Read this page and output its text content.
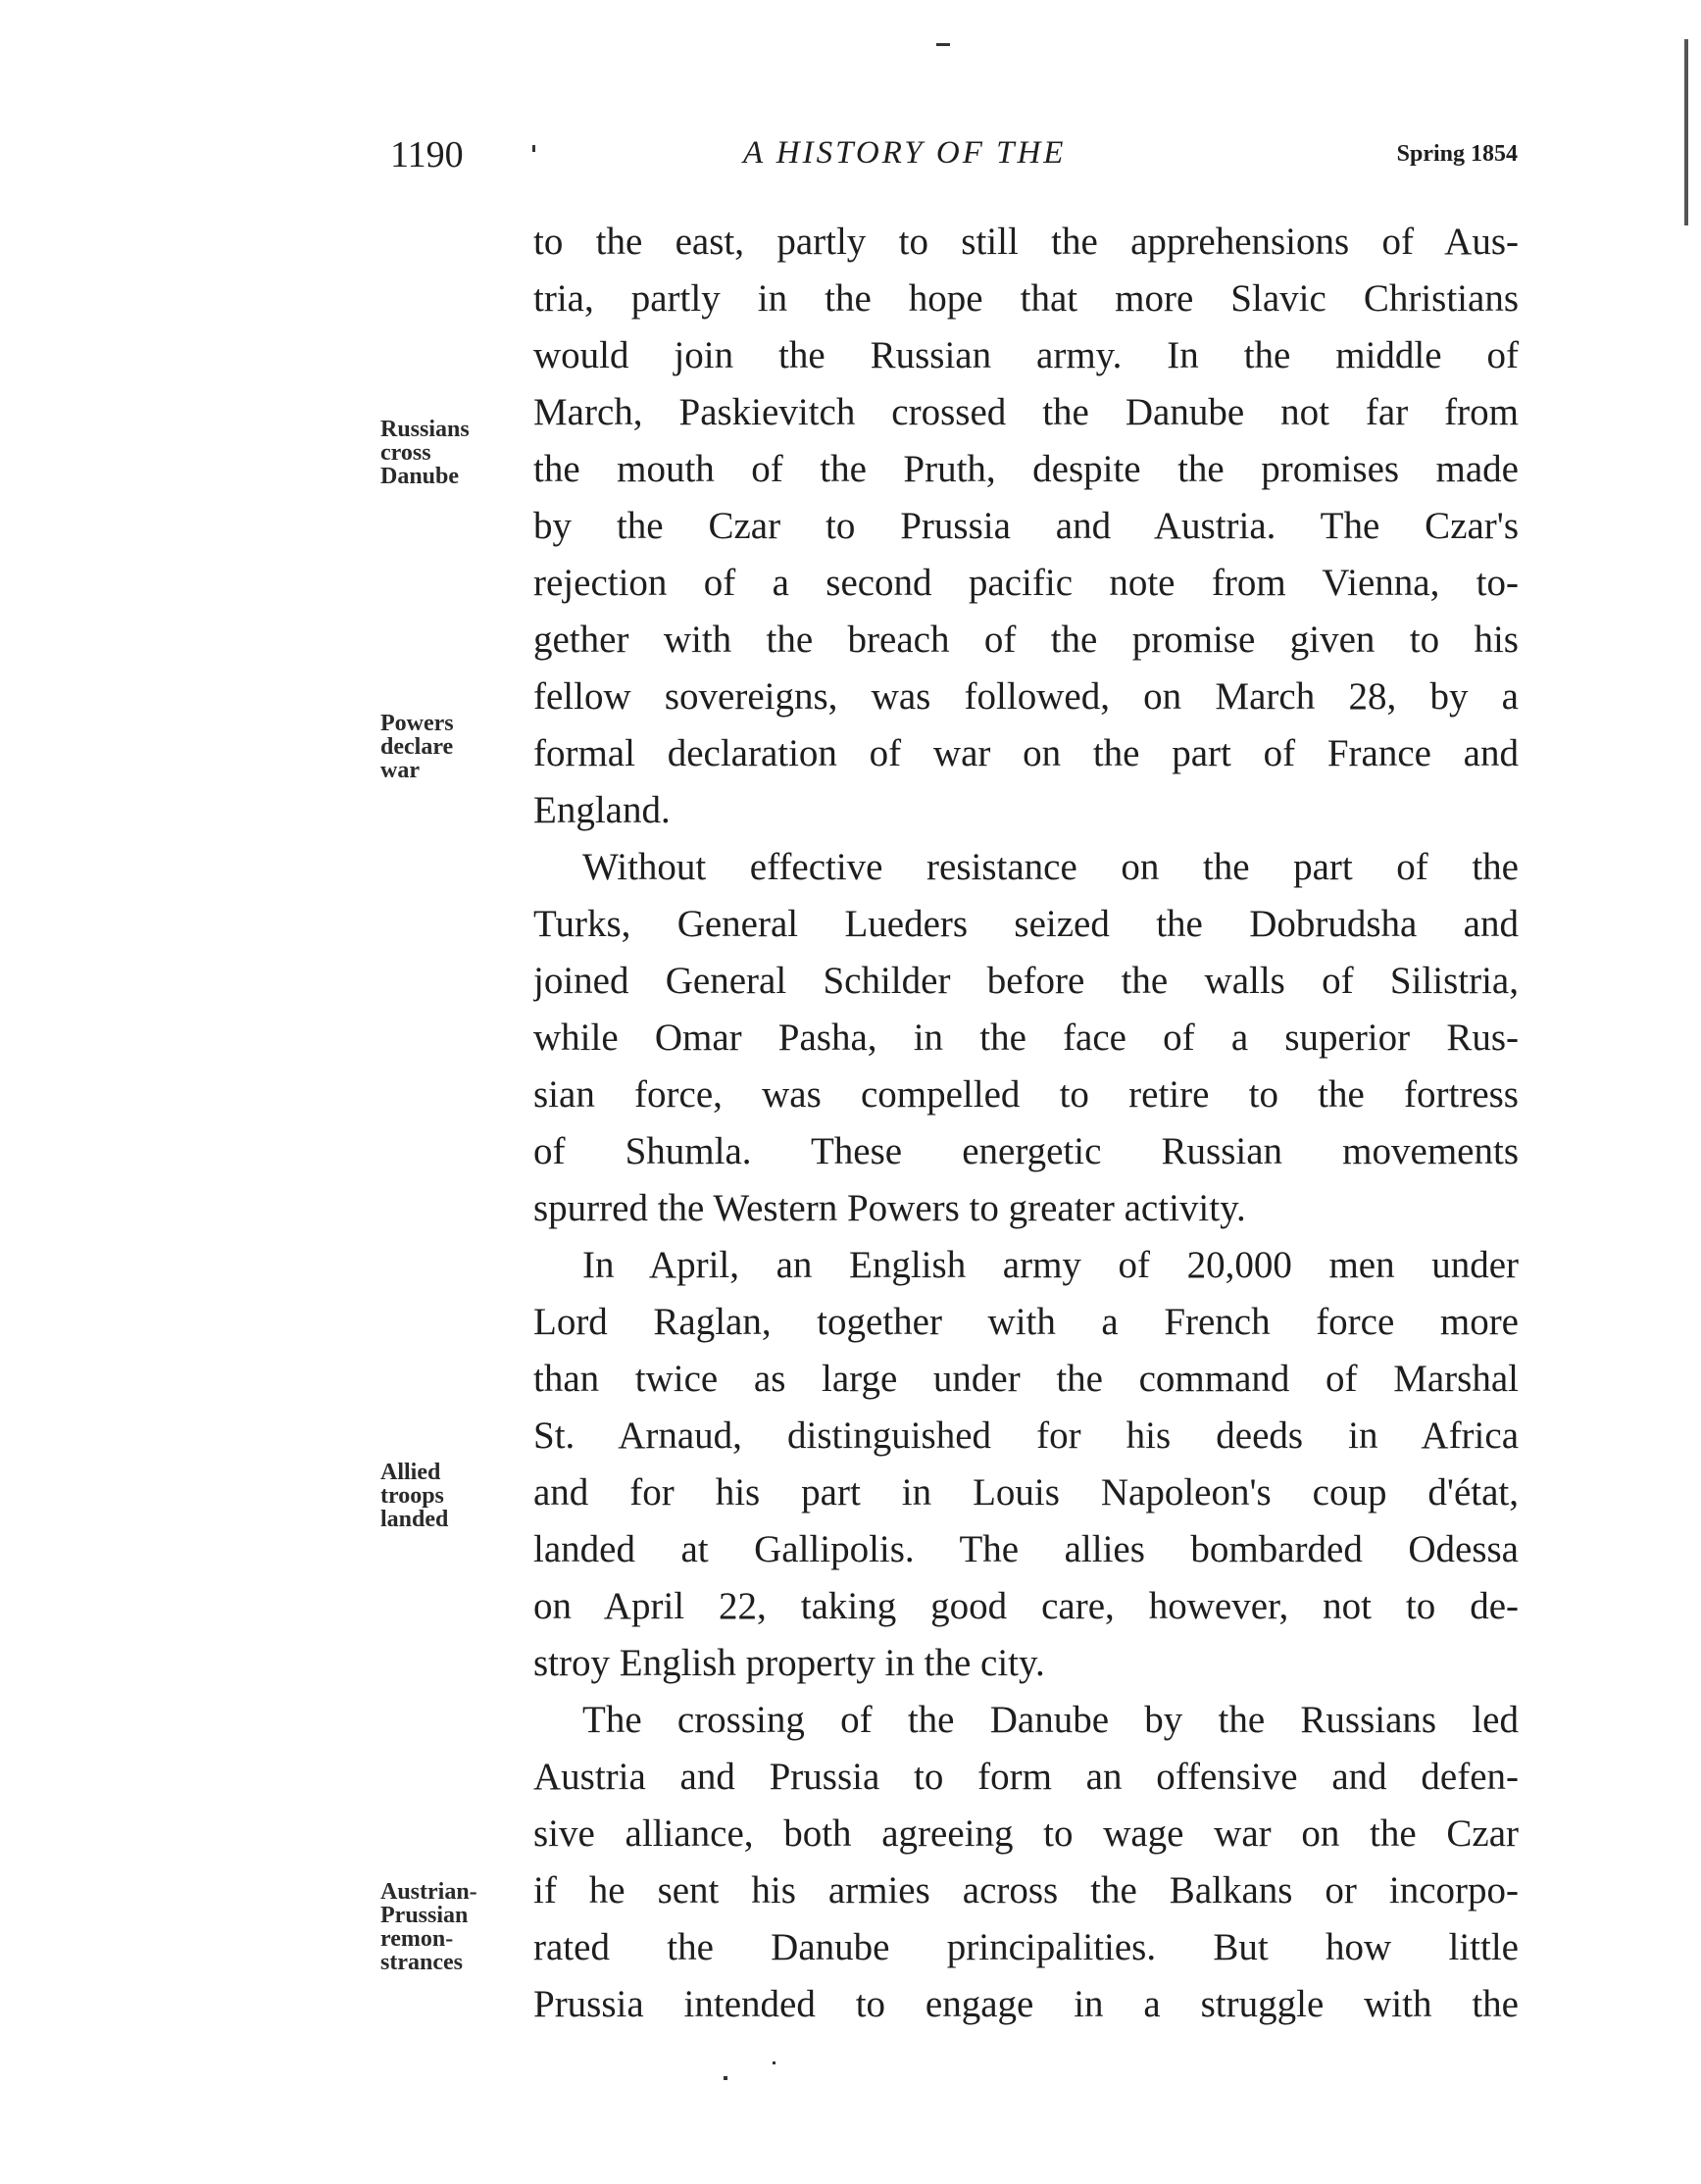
1190	A HISTORY OF THE	Spring 1854
to the east, partly to still the apprehensions of Aus-
tria, partly in the hope that more Slavic Christians
would join the Russian army. In the middle of
March, Paskievitch crossed the Danube not far from
the mouth of the Pruth, despite the promises made
by the Czar to Prussia and Austria. The Czar's
rejection of a second pacific note from Vienna, to-
gether with the breach of the promise given to his
fellow sovereigns, was followed, on March 28, by a
formal declaration of war on the part of France and
England.
Without effective resistance on the part of the
Turks, General Lueders seized the Dobrudsha and
joined General Schilder before the walls of Silistria,
while Omar Pasha, in the face of a superior Rus-
sian force, was compelled to retire to the fortress
of Shumla. These energetic Russian movements
spurred the Western Powers to greater activity.
In April, an English army of 20,000 men under
Lord Raglan, together with a French force more
than twice as large under the command of Marshal
St. Arnaud, distinguished for his deeds in Africa
and for his part in Louis Napoleon's coup d'état,
landed at Gallipolis. The allies bombarded Odessa
on April 22, taking good care, however, not to de-
stroy English property in the city.
The crossing of the Danube by the Russians led
Austria and Prussia to form an offensive and defen-
sive alliance, both agreeing to wage war on the Czar
if he sent his armies across the Balkans or incorpo-
rated the Danube principalities. But how little
Prussia intended to engage in a struggle with the
Russians
cross
Danube
Powers
declare
war
Allied
troops
landed
Austrian-
Prussian
remon-
strances
